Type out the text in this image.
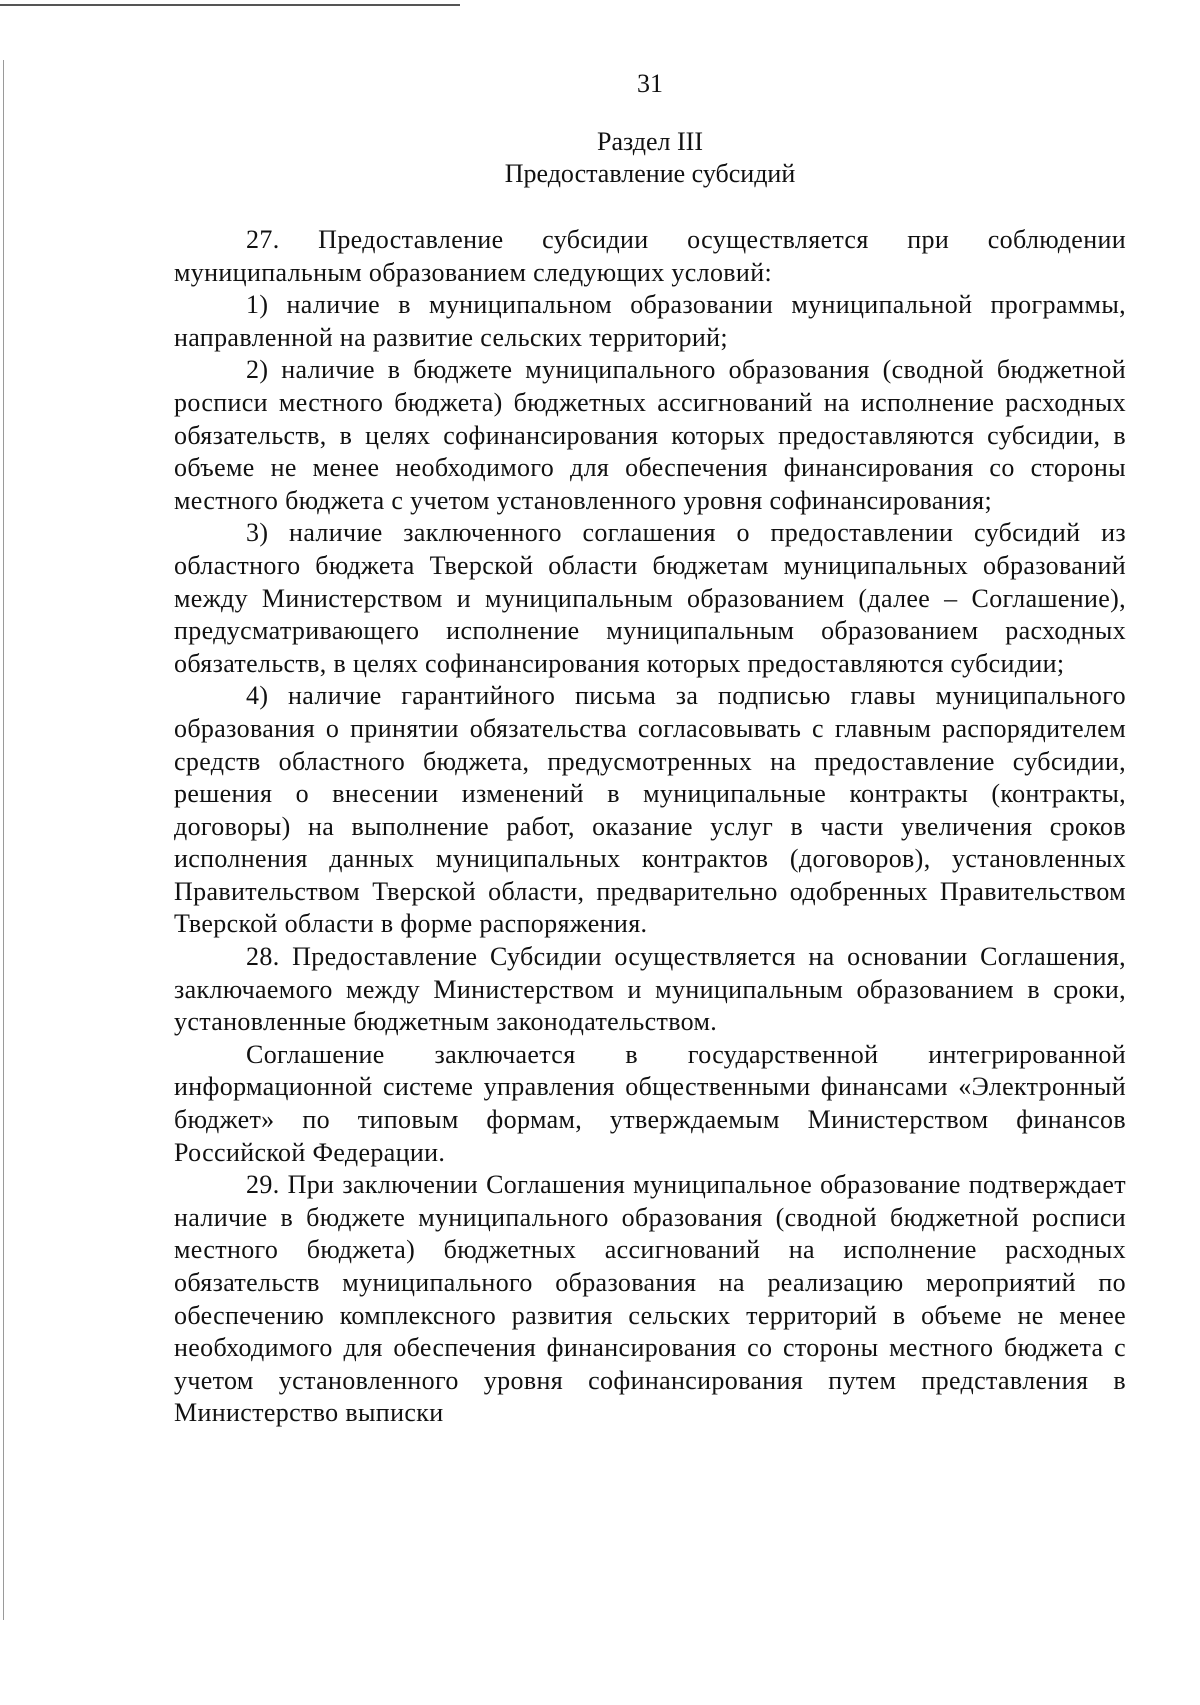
31
Раздел III
Предоставление субсидий

27. Предоставление субсидии осуществляется при соблюдении муниципальным образованием следующих условий:

1) наличие в муниципальном образовании муниципальной программы, направленной на развитие сельских территорий;

2) наличие в бюджете муниципального образования (сводной бюджетной росписи местного бюджета) бюджетных ассигнований на исполнение расходных обязательств, в целях софинансирования которых предоставляются субсидии, в объеме не менее необходимого для обеспечения финансирования со стороны местного бюджета с учетом установленного уровня софинансирования;

3) наличие заключенного соглашения о предоставлении субсидий из областного бюджета Тверской области бюджетам муниципальных образований между Министерством и муниципальным образованием (далее – Соглашение), предусматривающего исполнение муниципальным образованием расходных обязательств, в целях софинансирования которых предоставляются субсидии;

4) наличие гарантийного письма за подписью главы муниципального образования о принятии обязательства согласовывать с главным распорядителем средств областного бюджета, предусмотренных на предоставление субсидии, решения о внесении изменений в муниципальные контракты (контракты, договоры) на выполнение работ, оказание услуг в части увеличения сроков исполнения данных муниципальных контрактов (договоров), установленных Правительством Тверской области, предварительно одобренных Правительством Тверской области в форме распоряжения.

28. Предоставление Субсидии осуществляется на основании Соглашения, заключаемого между Министерством и муниципальным образованием в сроки, установленные бюджетным законодательством.

Соглашение заключается в государственной интегрированной информационной системе управления общественными финансами «Электронный бюджет» по типовым формам, утверждаемым Министерством финансов Российской Федерации.

29. При заключении Соглашения муниципальное образование подтверждает наличие в бюджете муниципального образования (сводной бюджетной росписи местного бюджета) бюджетных ассигнований на исполнение расходных обязательств муниципального образования на реализацию мероприятий по обеспечению комплексного развития сельских территорий в объеме не менее необходимого для обеспечения финансирования со стороны местного бюджета с учетом установленного уровня софинансирования путем представления в Министерство выписки
